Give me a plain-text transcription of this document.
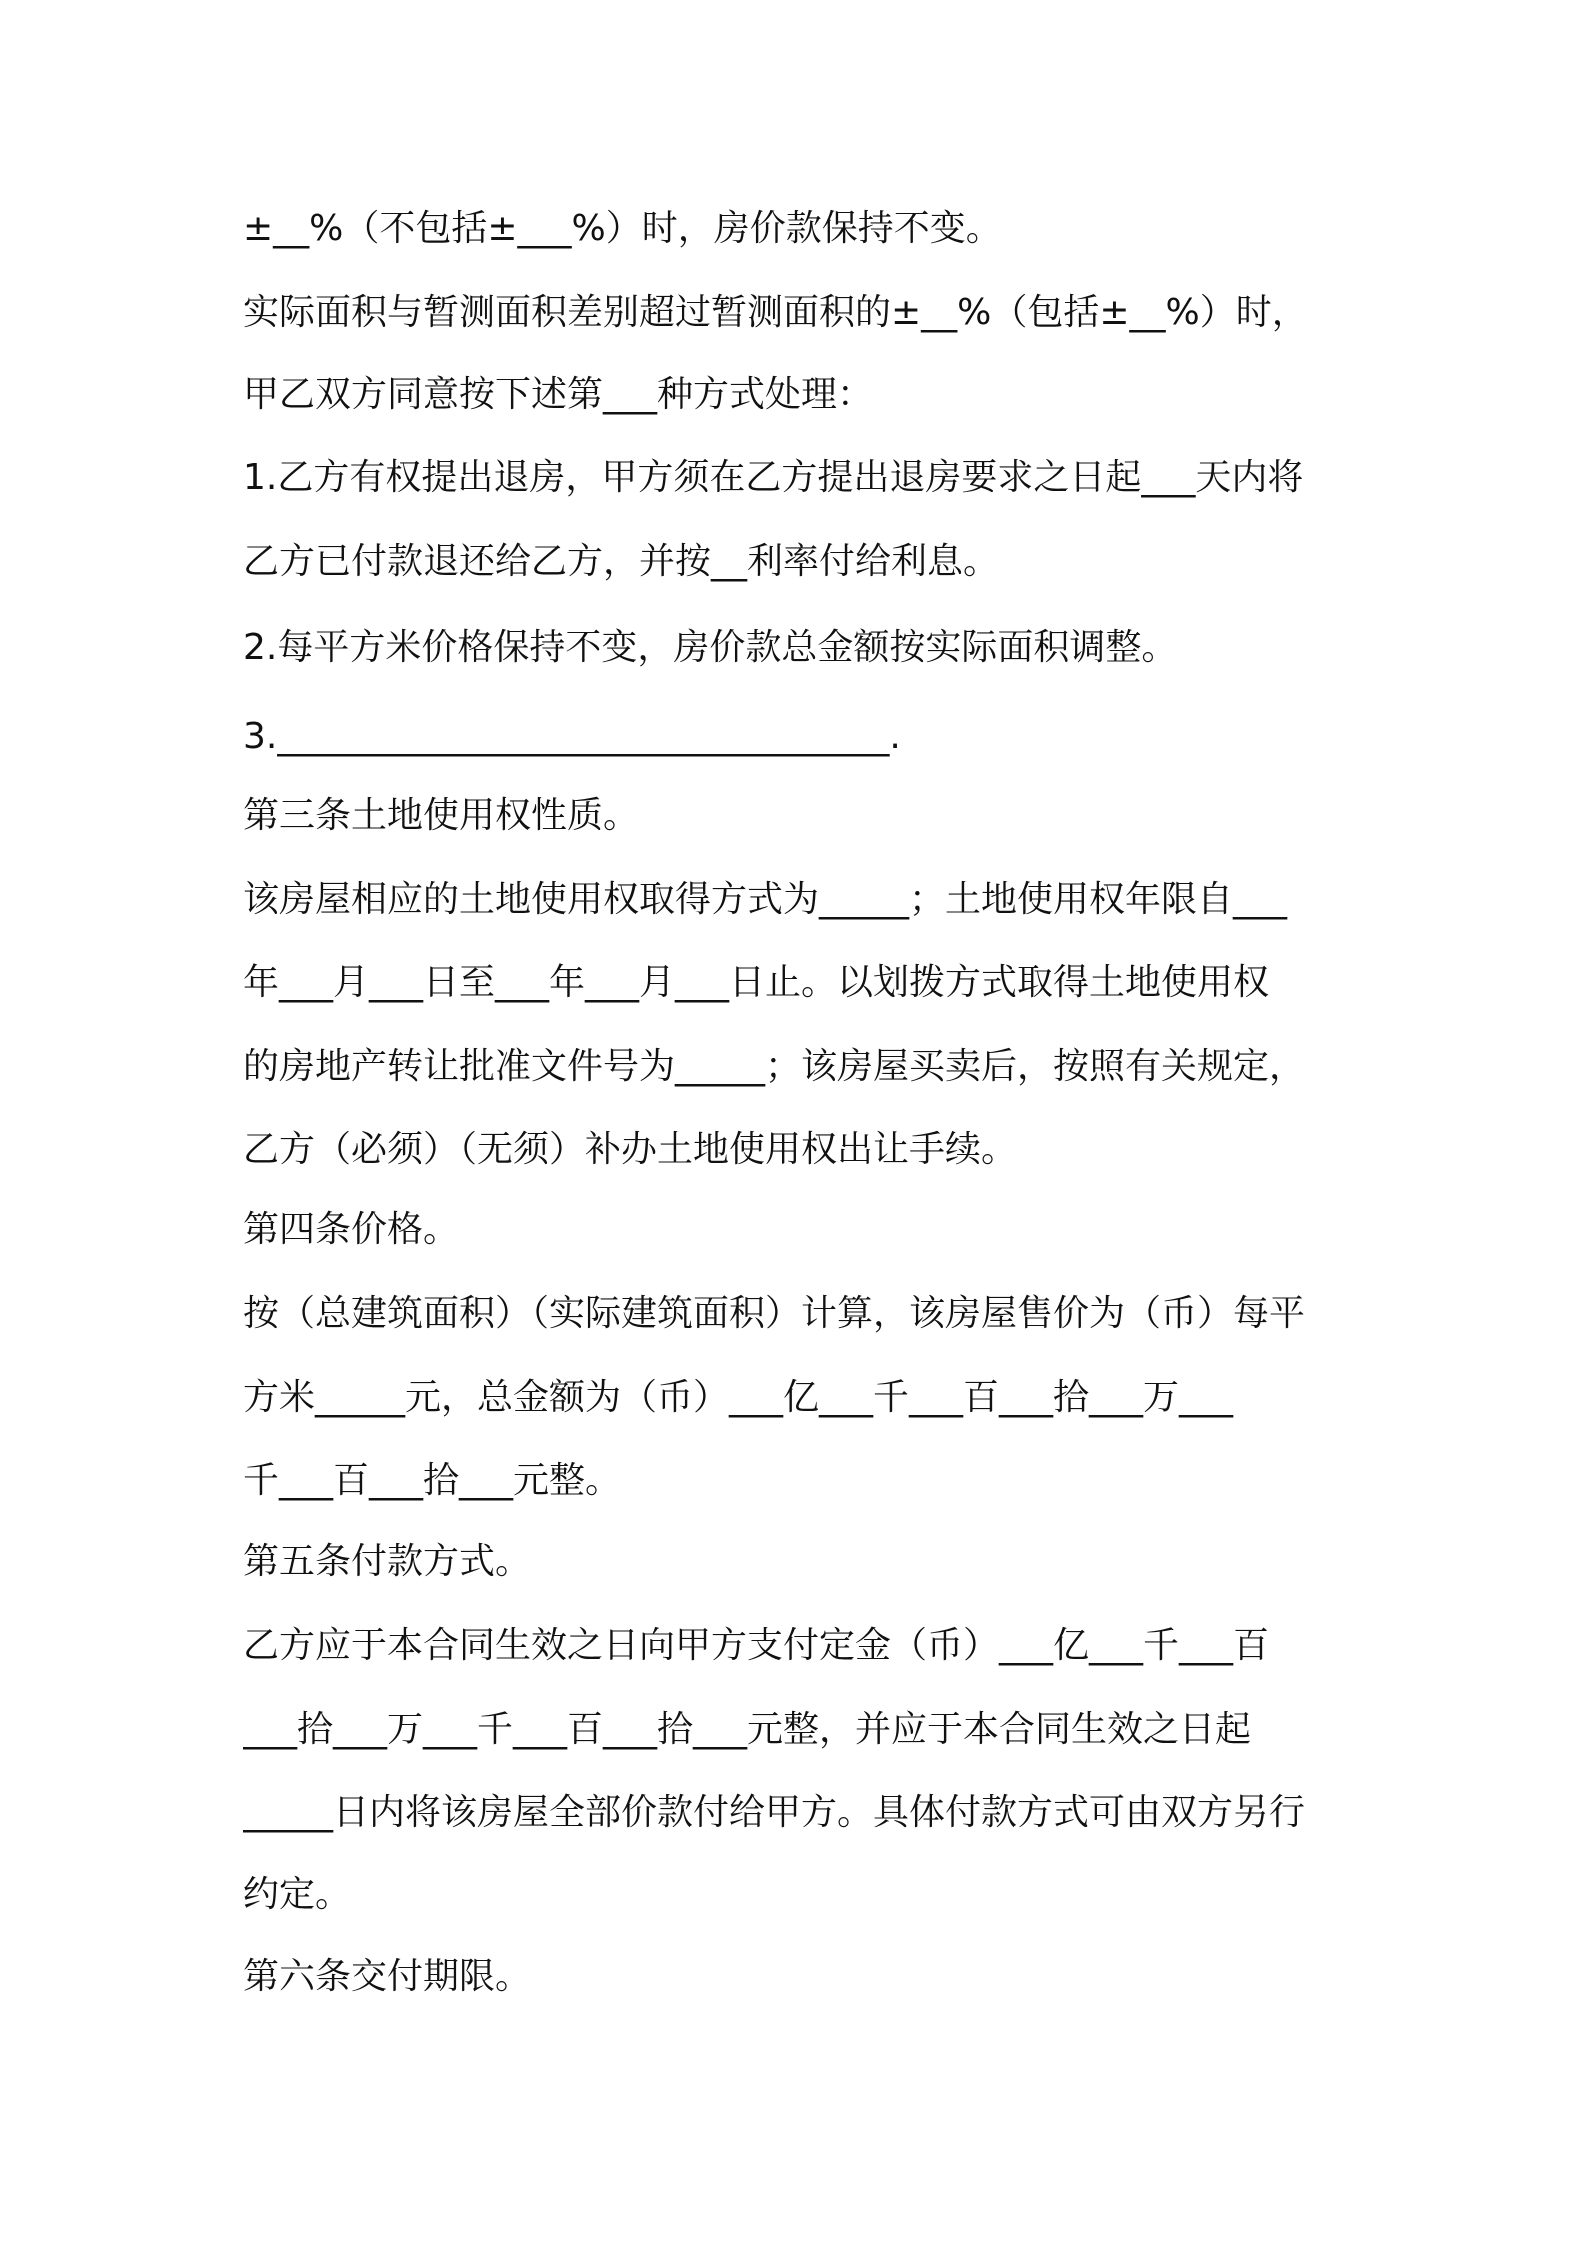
±__%（不包括±___%）时，房价款保持不变。
实际面积与暂测面积差别超过暂测面积的±__%（包括±__%）时，
甲乙双方同意按下述第___种方式处理：
1.乙方有权提出退房，甲方须在乙方提出退房要求之日起___天内将
乙方已付款退还给乙方，并按__利率付给利息。
2.每平方米价格保持不变，房价款总金额按实际面积调整。
3.__________________________________.
第三条土地使用权性质。
该房屋相应的土地使用权取得方式为_____；土地使用权年限自___
年___月___日至___年___月___日止。以划拨方式取得土地使用权
的房地产转让批准文件号为_____；该房屋买卖后，按照有关规定，
乙方（必须）（无须）补办土地使用权出让手续。
第四条价格。
按（总建筑面积）（实际建筑面积）计算，该房屋售价为（币）每平
方米_____元，总金额为（币）___亿___千___百___拾___万___
千___百___拾___元整。
第五条付款方式。
乙方应于本合同生效之日向甲方支付定金（币）___亿___千___百
___拾___万___千___百___拾___元整，并应于本合同生效之日起
_____日内将该房屋全部价款付给甲方。具体付款方式可由双方另行
约定。
第六条交付期限。
